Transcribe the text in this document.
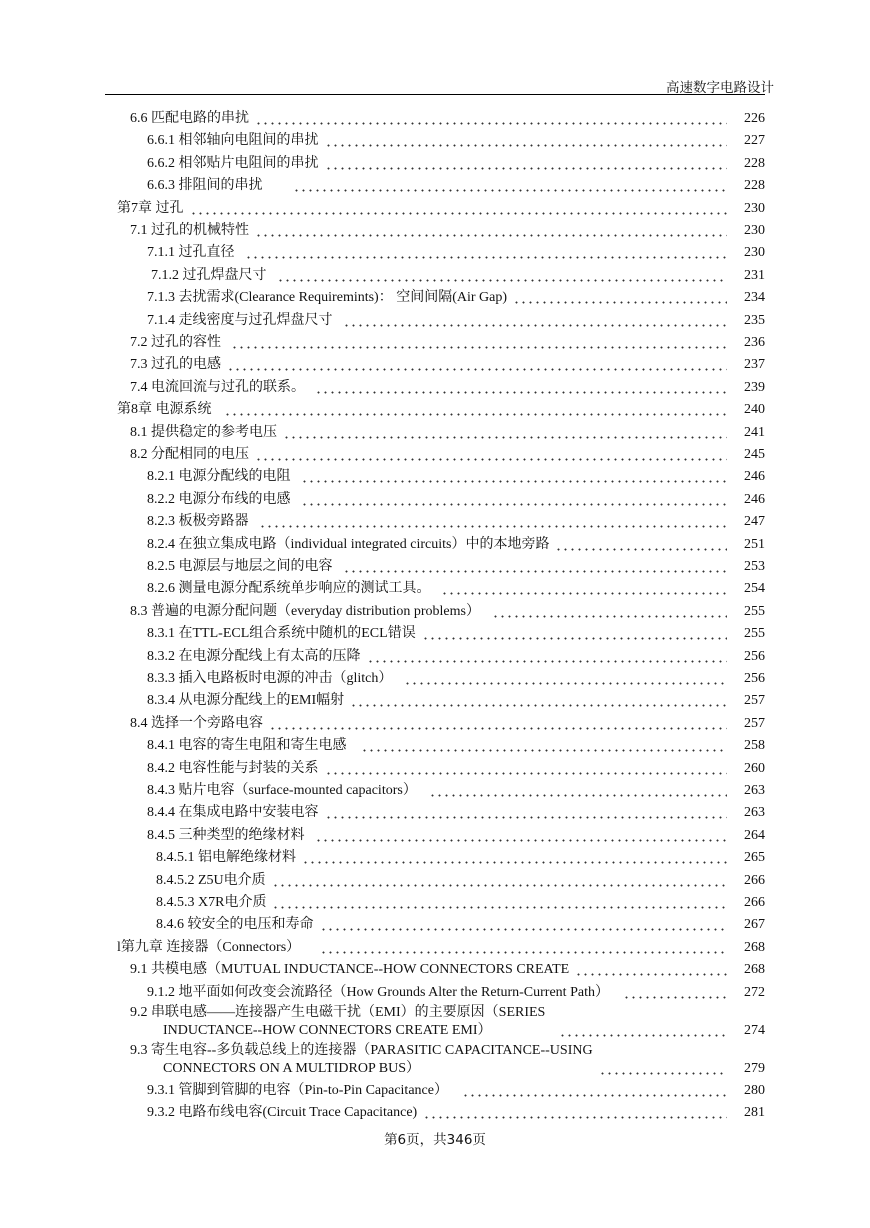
高速数字电路设计
6.6 匹配电路的串扰	226
6.6.1 相邻轴向电阻间的串扰	227
6.6.2 相邻贴片电阻间的串扰	228
6.6.3 排阻间的串扰	228
第7章 过孔	230
7.1 过孔的机械特性	230
7.1.1 过孔直径	230
7.1.2 过孔焊盘尺寸	231
7.1.3 去扰需求(Clearance Requiremints)： 空间间隔(Air Gap)	234
7.1.4 走线密度与过孔焊盘尺寸	235
7.2 过孔的容性	236
7.3 过孔的电感	237
7.4 电流回流与过孔的联系。	239
第8章 电源系统	240
8.1 提供稳定的参考电压	241
8.2 分配相同的电压	245
8.2.1 电源分配线的电阻	246
8.2.2 电源分布线的电感	246
8.2.3 板极旁路器	247
8.2.4 在独立集成电路（individual integrated circuits）中的本地旁路	251
8.2.5 电源层与地层之间的电容	253
8.2.6 测量电源分配系统单步响应的测试工具。	254
8.3 普遍的电源分配问题（everyday distribution problems）	255
8.3.1 在TTL-ECL组合系统中随机的ECL错误	255
8.3.2 在电源分配线上有太高的压降	256
8.3.3 插入电路板时电源的冲击（glitch）	256
8.3.4 从电源分配线上的EMI幅射	257
8.4 选择一个旁路电容	257
8.4.1 电容的寄生电阻和寄生电感	258
8.4.2 电容性能与封装的关系	260
8.4.3 贴片电容（surface-mounted capacitors）	263
8.4.4 在集成电路中安装电容	263
8.4.5 三种类型的绝缘材料	264
8.4.5.1 铝电解绝缘材料	265
8.4.5.2 Z5U电介质	266
8.4.5.3 X7R电介质	266
8.4.6 较安全的电压和寿命	267
l第九章 连接器（Connectors）	268
9.1 共模电感（MUTUAL INDUCTANCE--HOW CONNECTORS CREATE	268
9.1.2 地平面如何改变会流路径（How Grounds Alter the Return-Current Path）	272
9.2 串联电感——连接器产生电磁干扰（EMI）的主要原因（SERIES
INDUCTANCE--HOW CONNECTORS CREATE EMI）	274
9.3 寄生电容--多负载总线上的连接器（PARASITIC CAPACITANCE--USING
CONNECTORS ON A MULTIDROP BUS）	279
9.3.1 管脚到管脚的电容（Pin-to-Pin Capacitance）	280
9.3.2 电路布线电容(Circuit Trace Capacitance)	281
第6页，共346页
